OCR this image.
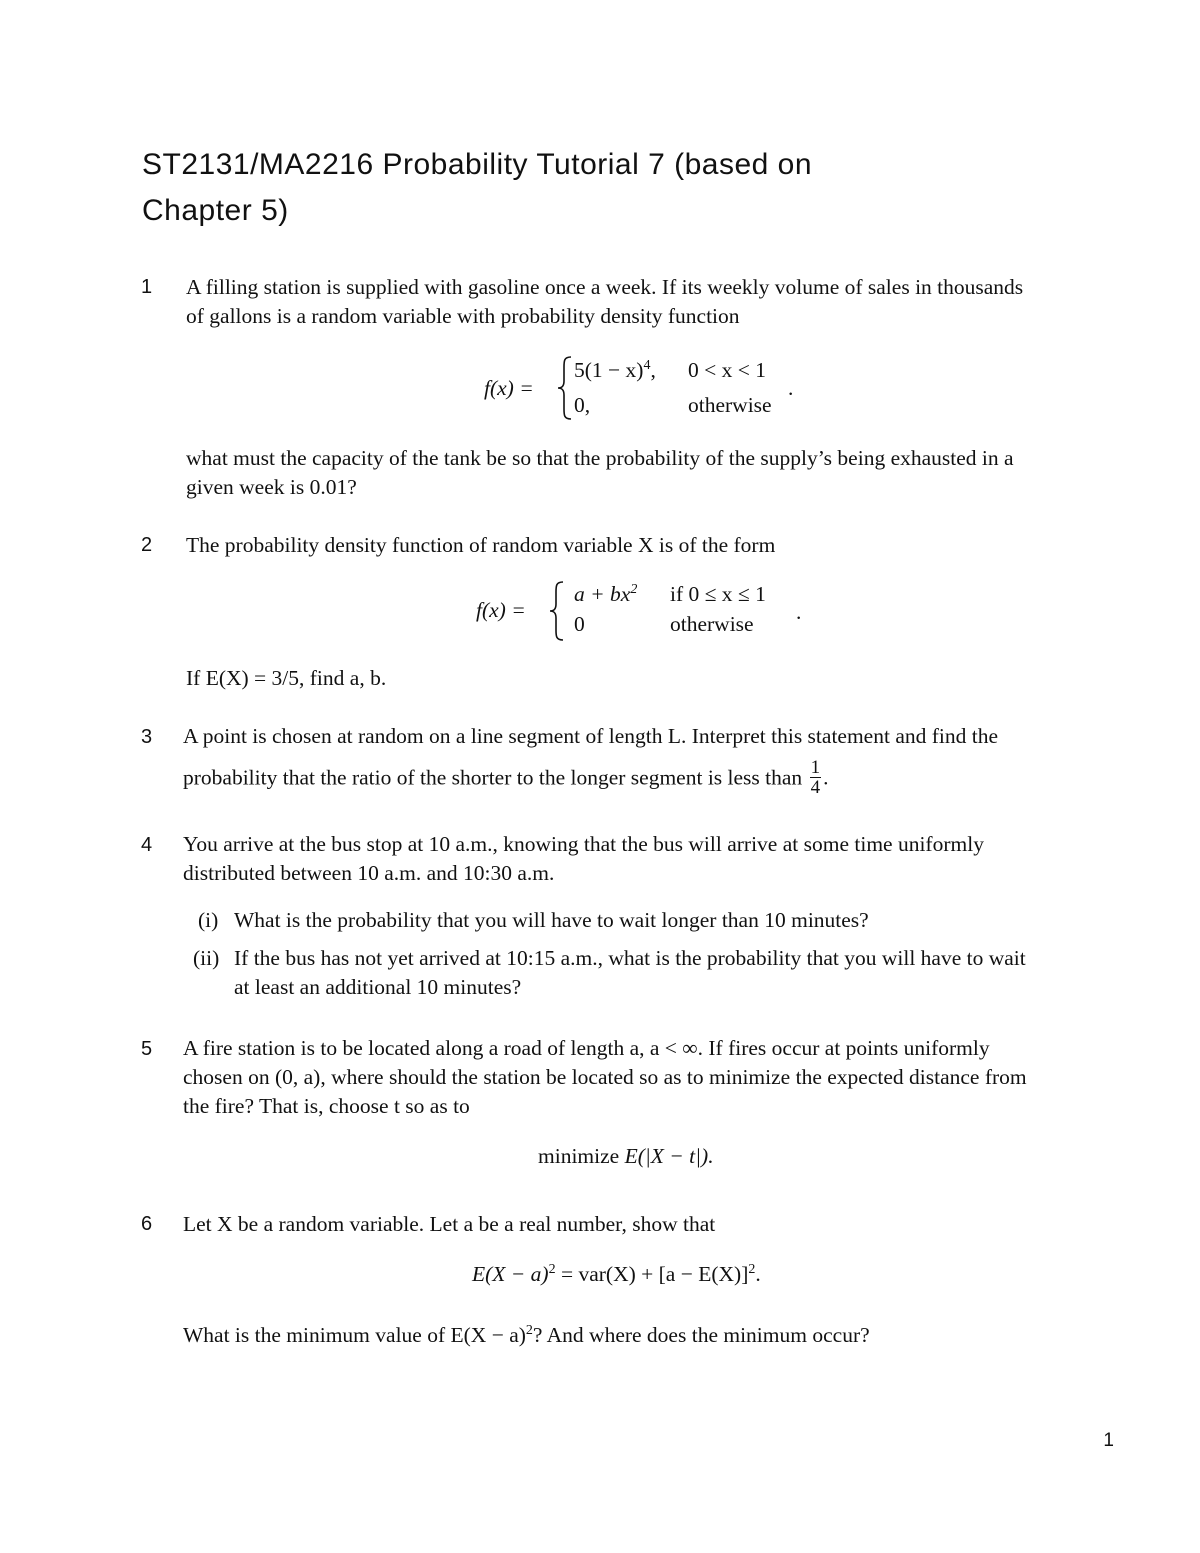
ST2131/MA2216 Probability Tutorial 7 (based on
Chapter 5)
1 A filling station is supplied with gasoline once a week. If its weekly volume of sales in thousands
of gallons is a random variable with probability density function
f(x) =
$5(1 - x)^4$, 0 < x < 1
0,	otherwise
.
what must the capacity of the tank be so that the probability of the supply’s being exhausted in a
given week is 0.01?
2 The probability density function of random variable X is of the form
f(x) =
$a + bx^2$ if 0 ≤ x ≤ 1
0	otherwise .
If E(X) = 3/5, find a, b.
3 A point is chosen at random on a line segment of length L. Interpret this statement and find the
probability that the ratio of the shorter to the longer segment is less than $\frac{1}{4}$ .
4 You arrive at the bus stop at 10 a.m., knowing that the bus will arrive at some time uniformly
distributed between 10 a.m. and 10:30 a.m.
(i) What is the probability that you will have to wait longer than 10 minutes?
(ii) If the bus has not yet arrived at 10:15 a.m., what is the probability that you will have to wait
at least an additional 10 minutes?
5 A fire station is to be located along a road of length a, a < ∞. If fires occur at points uniformly
chosen on (0, a), where should the station be located so as to minimize the expected distance from
the fire? That is, choose t so as to
minimize E(|X − t|).
6 Let X be a random variable. Let a be a real number, show that
$E(X - a)^2 = var(X) + [a - E(X)]^2$.
What is the minimum value of $E(X - a)^2$? And where does the minimum occur?
1
